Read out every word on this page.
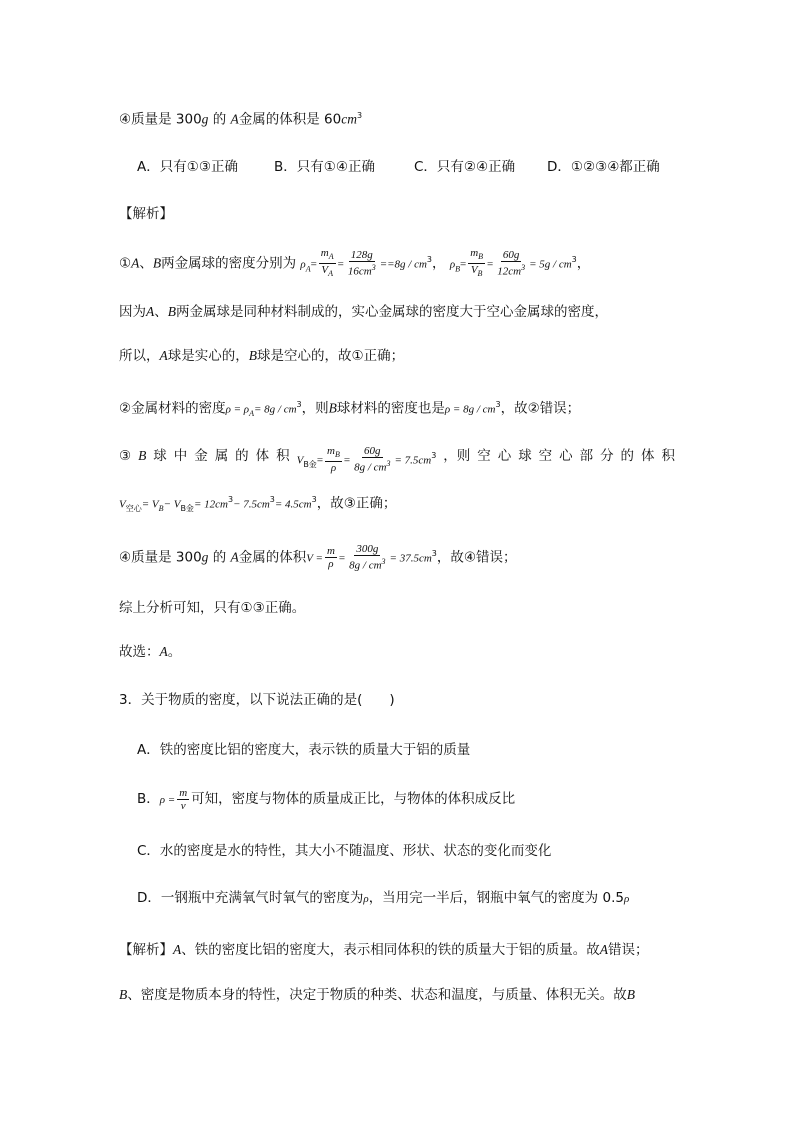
④质量是 300g 的 A金属的体积是 $60cm^3$
A．只有①③正确	B．只有①④正确	C．只有②④正确 D．①②③④都正确
【解析】
①A、B两金属球的密度分别为 $\rho_A= \frac{m_A}{V_A} = \frac{128g}{16cm^3} ==8g / cm^3$， $\rho_B= \frac{m_B}{V_B} = \frac{60g}{12cm^3} = 5g / cm^3$，
因为A、B两金属球是同种材料制成的，实心金属球的密度大于空心金属球的密度，
所以，A球是实心的，B球是空心的，故①正确；
②金属材料的密度$\rho = \rho_A= 8g / cm^3$，则B球材料的密度也是$\rho = 8g / cm^3$，故②错误；
③ B 球 中 金 属 的 体 积 $V_{B金}= \frac{m_B}{\rho} = \frac{60g}{8g / cm^3} = 7.5cm^3$ ，则 空 心 球 空 心 部 分 的 体 积
$V_{空心}= V_B- V_{B金}= 12cm^3- 7.5cm^3= 4.5cm^3$，故③正确；
④质量是 300g 的 A金属的体积$V = \frac{m}{\rho} = \frac{300g}{8g / cm^3} = 37.5cm^3$，故④错误；
综上分析可知，只有①③正确。
故选：A。
3．关于物质的密度，以下说法正确的是(　　)
A．铁的密度比铝的密度大，表示铁的质量大于铝的质量
B．$\rho = \frac{m}{v}$ 可知，密度与物体的质量成正比，与物体的体积成反比
C．水的密度是水的特性，其大小不随温度、形状、状态的变化而变化
D．一钢瓶中充满氧气时氧气的密度为ρ，当用完一半后，钢瓶中氧气的密度为 0.5ρ
【解析】A、铁的密度比铝的密度大，表示相同体积的铁的质量大于铝的质量。故A错误；
B、密度是物质本身的特性，决定于物质的种类、状态和温度，与质量、体积无关。故B
